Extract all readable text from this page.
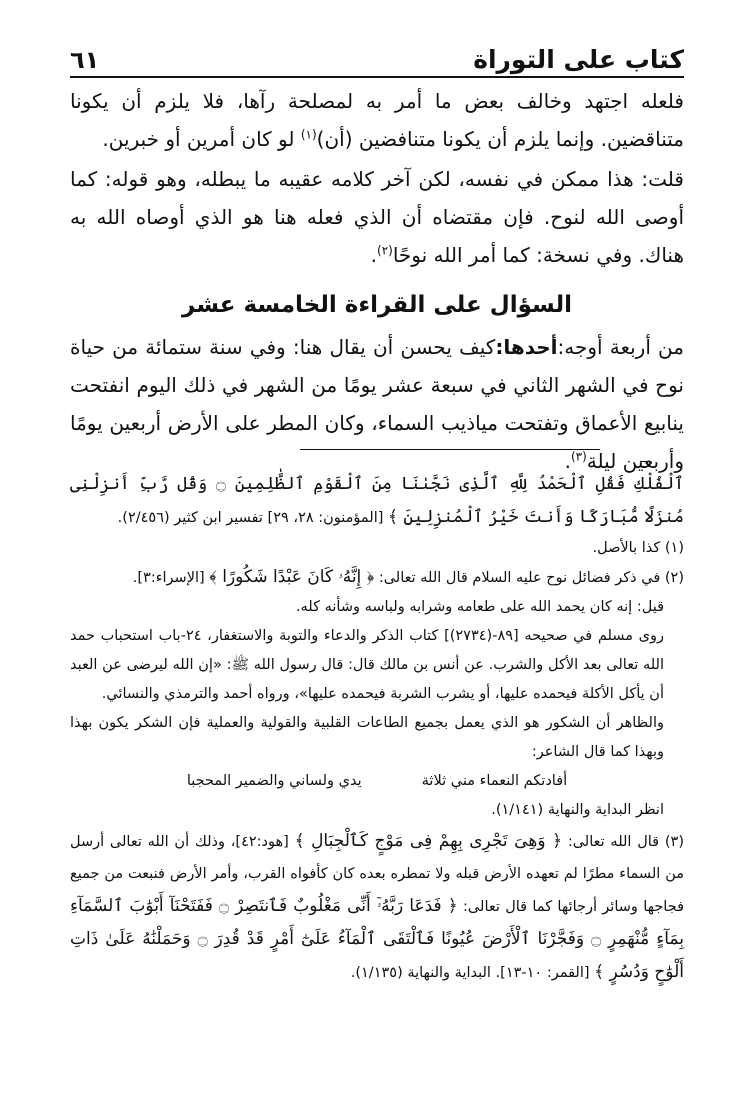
كتاب على التوراة
٦١

فلعله اجتهد وخالف بعض ما أمر به لمصلحة رآها، فلا يلزم أن يكونا متناقضين. وإنما يلزم أن يكونا متنافضين (أن)$^{(١)}$ لو كان أمرين أو خبرين.

قلت: هذا ممكن في نفسه، لكن آخر كلامه عقيبه ما يبطله، وهو قوله: كما أوصى الله لنوح. فإن مقتضاه أن الذي فعله هنا هو الذي أوصاه الله به هناك. وفي نسخة: كما أمر الله نوحًا$^{(٢)}$.

السؤال على القراءة الخامسة عشر

من أربعة أوجه:أحدها:كيف يحسن أن يقال هنا: وفي سنة ستمائة من حياة نوح في الشهر الثاني في سبعة عشر يومًا من الشهر في ذلك اليوم انفتحت ينابيع الأعماق وتفتحت مياذيب السماء، وكان المطر على الأرض أربعين يومًا وأربعين ليلة$^{(٣)}$.

ٱلْفُلْكِ فَقُلِ ٱلْحَمْدُ لِلَّهِ ٱلَّذِى نَجَّىٰنَا مِنَ ٱلْقَوْمِ ٱلظَّٰلِمِينَ ۝ وَقُل رَّبِّ أَنزِلْنِى مُنزَلًا مُّبَارَكًا وَأَنتَ خَيْرُ ٱلْمُنزِلِينَ ﴾ [المؤمنون: ٢٨، ٢٩] تفسير ابن كثير (٢/٤٥٦).

(١) كذا بالأصل.

(٢) في ذكر فضائل نوح عليه السلام قال الله تعالى: ﴿ إِنَّهُۥ كَانَ عَبْدًا شَكُورًا ﴾ [الإسراء:٣].

قيل: إنه كان يحمد الله على طعامه وشرابه ولباسه وشأنه كله.

روى مسلم في صحيحه [٨٩-(٢٧٣٤)] كتاب الذكر والدعاء والتوبة والاستغفار، ٢٤-باب استحباب حمد الله تعالى بعد الأكل والشرب. عن أنس بن مالك قال: قال رسول الله ﷺ: «إن الله ليرضى عن العبد أن يأكل الأكلة فيحمده عليها، أو يشرب الشربة فيحمده عليها»، ورواه أحمد والترمذي والنسائي.

والظاهر أن الشكور هو الذي يعمل بجميع الطاعات القلبية والقولية والعملية فإن الشكر يكون بهذا وبهذا كما قال الشاعر:

أفادتكم النعماء مني ثلاثة
يدي ولساني والضمير المحجبا

انظر البداية والنهاية (١/١٤١).

(٣) قال الله تعالى: ﴿ وَهِىَ تَجْرِى بِهِمْ فِى مَوْجٍ كَٱلْجِبَالِ ﴾ [هود:٤٢]، وذلك أن الله تعالى أرسل من السماء مطرًا لم تعهده الأرض قبله ولا تمطره بعده كان كأفواه القرب، وأمر الأرض فنبعت من جميع فجاجها وسائر أرجائها كما قال تعالى: ﴿ فَدَعَا رَبَّهُۥٓ أَنِّى مَغْلُوبٌ فَٱنتَصِرْ ۝ فَفَتَحْنَآ أَبْوَٰبَ ٱلسَّمَآءِ بِمَآءٍ مُّنْهَمِرٍ ۝ وَفَجَّرْنَا ٱلْأَرْضَ عُيُونًا فَٱلْتَقَى ٱلْمَآءُ عَلَىٰٓ أَمْرٍ قَدْ قُدِرَ ۝ وَحَمَلْنَٰهُ عَلَىٰ ذَاتِ أَلْوَٰحٍ وَدُسُرٍ ﴾ [القمر: ١٠-١٣]. البداية والنهاية (١/١٣٥).
